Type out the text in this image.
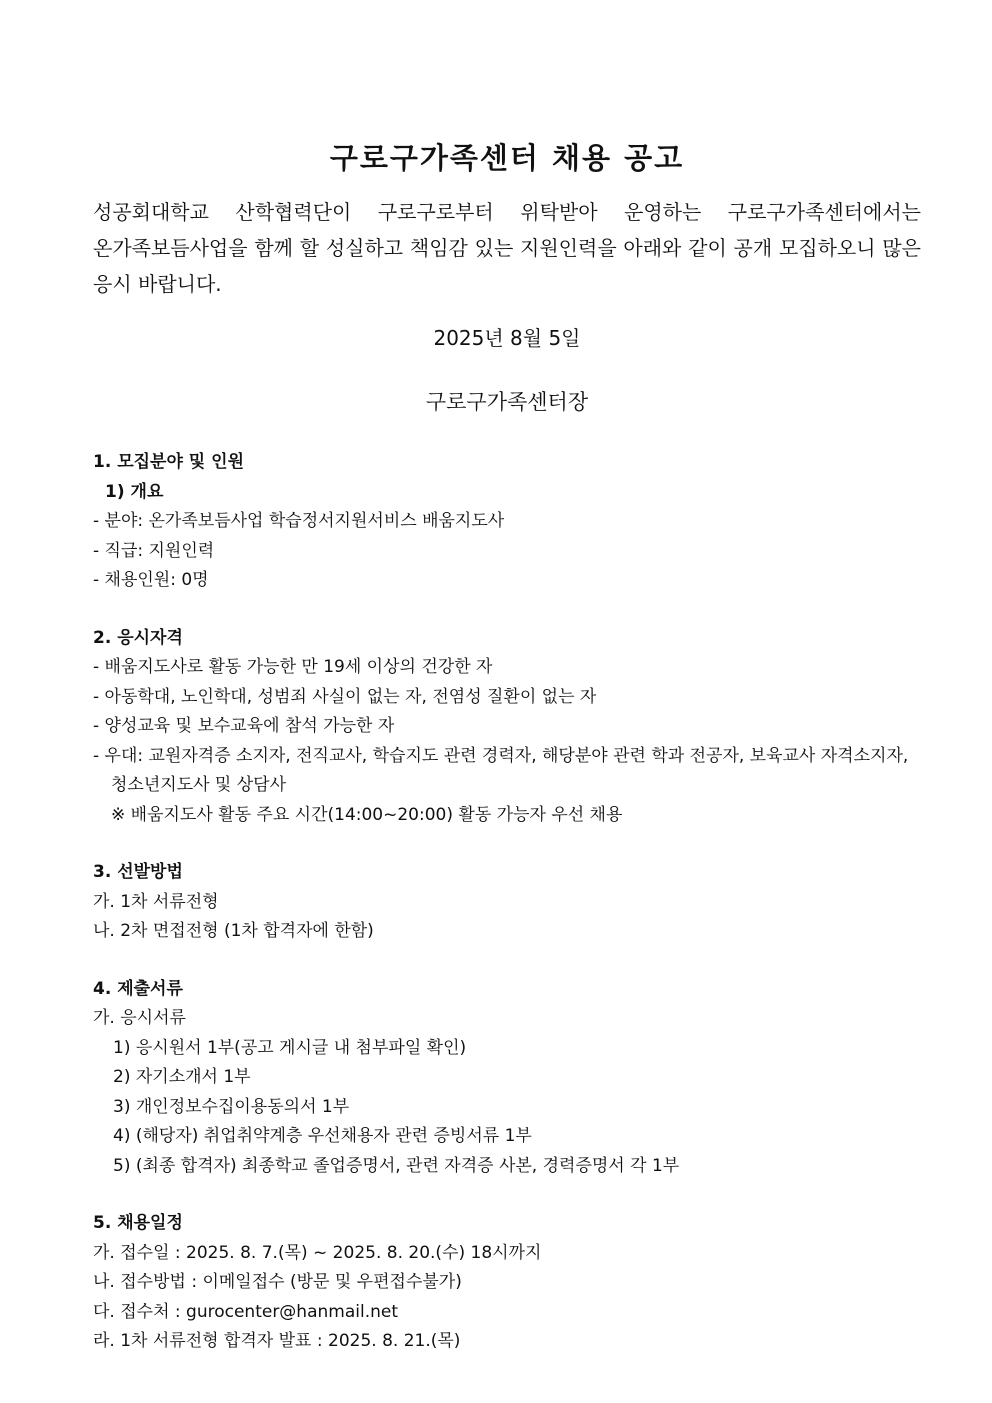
구로구가족센터 채용 공고

성공회대학교 산학협력단이 구로구로부터 위탁받아 운영하는 구로구가족센터에서는 온가족보듬사업을 함께 할 성실하고 책임감 있는 지원인력을 아래와 같이 공개 모집하오니 많은 응시 바랍니다.

2025년 8월 5일

구로구가족센터장

1. 모집분야 및 인원

1) 개요

- 분야: 온가족보듬사업 학습정서지원서비스 배움지도사

- 직급: 지원인력

- 채용인원: 0명

2. 응시자격

- 배움지도사로 활동 가능한 만 19세 이상의 건강한 자

- 아동학대, 노인학대, 성범죄 사실이 없는 자, 전염성 질환이 없는 자

- 양성교육 및 보수교육에 참석 가능한 자

- 우대: 교원자격증 소지자, 전직교사, 학습지도 관련 경력자, 해당분야 관련 학과 전공자, 보육교사 자격소지자, 청소년지도사 및 상담사

※ 배움지도사 활동 주요 시간(14:00~20:00) 활동 가능자 우선 채용

3. 선발방법

가. 1차 서류전형

나. 2차 면접전형 (1차 합격자에 한함)

4. 제출서류

가. 응시서류

1) 응시원서 1부(공고 게시글 내 첨부파일 확인)

2) 자기소개서 1부

3) 개인정보수집이용동의서 1부

4) (해당자) 취업취약계층 우선채용자 관련 증빙서류 1부

5) (최종 합격자) 최종학교 졸업증명서, 관련 자격증 사본, 경력증명서 각 1부

5. 채용일정

가. 접수일 : 2025. 8. 7.(목) ~ 2025. 8. 20.(수) 18시까지

나. 접수방법 : 이메일접수 (방문 및 우편접수불가)

다. 접수처 : gurocenter@hanmail.net

라. 1차 서류전형 합격자 발표 : 2025. 8. 21.(목)
